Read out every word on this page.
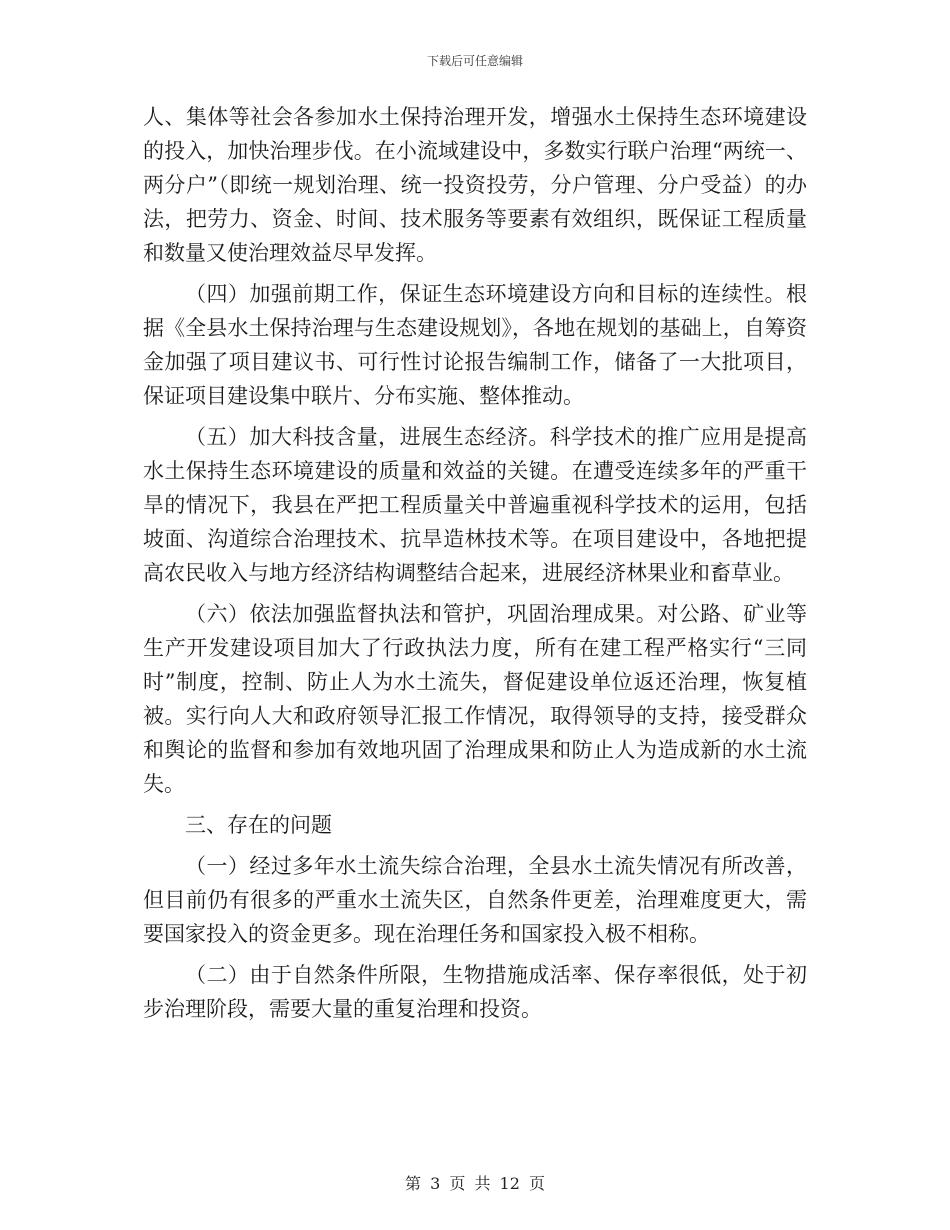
下载后可任意编辑

人、集体等社会各参加水土保持治理开发，增强水土保持生态环境建设的投入，加快治理步伐。在小流域建设中，多数实行联户治理“两统一、两分户”（即统一规划治理、统一投资投劳，分户管理、分户受益）的办法，把劳力、资金、时间、技术服务等要素有效组织，既保证工程质量和数量又使治理效益尽早发挥。

（四）加强前期工作，保证生态环境建设方向和目标的连续性。根据《全县水土保持治理与生态建设规划》，各地在规划的基础上，自筹资金加强了项目建议书、可行性讨论报告编制工作，储备了一大批项目，保证项目建设集中联片、分布实施、整体推动。

（五）加大科技含量，进展生态经济。科学技术的推广应用是提高水土保持生态环境建设的质量和效益的关键。在遭受连续多年的严重干旱的情况下，我县在严把工程质量关中普遍重视科学技术的运用，包括坡面、沟道综合治理技术、抗旱造林技术等。在项目建设中，各地把提高农民收入与地方经济结构调整结合起来，进展经济林果业和畜草业。

（六）依法加强监督执法和管护，巩固治理成果。对公路、矿业等生产开发建设项目加大了行政执法力度，所有在建工程严格实行“三同时”制度，控制、防止人为水土流失，督促建设单位返还治理，恢复植被。实行向人大和政府领导汇报工作情况，取得领导的支持，接受群众和舆论的监督和参加有效地巩固了治理成果和防止人为造成新的水土流失。

三、存在的问题

（一）经过多年水土流失综合治理，全县水土流失情况有所改善，但目前仍有很多的严重水土流失区，自然条件更差，治理难度更大，需要国家投入的资金更多。现在治理任务和国家投入极不相称。

（二）由于自然条件所限，生物措施成活率、保存率很低，处于初步治理阶段，需要大量的重复治理和投资。

第 3 页 共 12 页
